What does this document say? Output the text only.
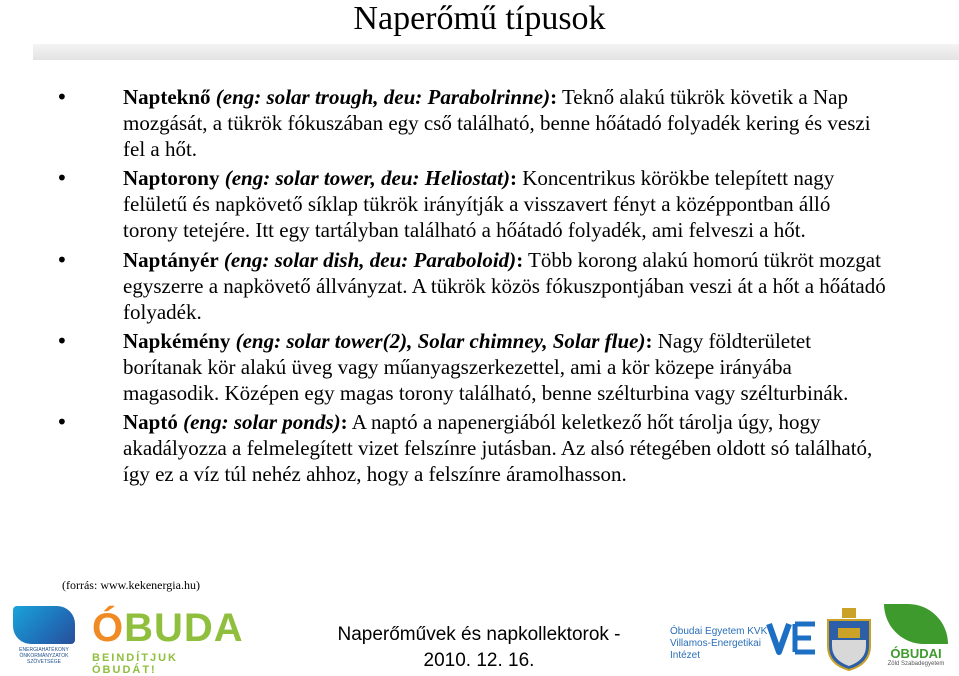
Naperőmű típusok
•	Napteknő (eng: solar trough, deu: Parabolrinne): Teknő alakú tükrök követik a Nap mozgását, a tükrök fókuszában egy cső található, benne hőátadó folyadék kering és veszi fel a hőt.
•	Naptorony (eng: solar tower, deu: Heliostat): Koncentrikus körökbe telepített nagy felületű és napkövető síklap tükrök irányítják a visszavert fényt a középpontban álló torony tetejére. Itt egy tartályban található a hőátadó folyadék, ami felveszi a hőt.
•	Naptányér (eng: solar dish, deu: Paraboloid): Több korong alakú homorú tükröt mozgat egyszerre a napkövető állványzat. A tükrök közös fókuszpontjában veszi át a hőt a hőátadó folyadék.
•	Napkémény (eng: solar tower(2), Solar chimney, Solar flue): Nagy földterületet borítanak kör alakú üveg vagy műanyagszerkezettel, ami a kör közepe irányába magasodik. Középen egy magas torony található, benne szélturbina vagy szélturbinák.
•	Naptó (eng: solar ponds): A naptó a napenergiából keletkező hőt tárolja úgy, hogy akadályozza a felmelegített vizet felszínre jutásban. Az alsó rétegében oldott só található, így ez a víz túl nehéz ahhoz, hogy a felszínre áramolhasson.
(forrás: www.kekenergia.hu)
ENERGIAHATÉKONY ÖNKORMÁNYZATOK SZÖVETSÉGE
ÓBUDA
BEINDÍTJUK ÓBUDÁT!
Naperőművek és napkollektorok -
2010. 12. 16.
Óbudai Egyetem KVK Villamos-Energetikai Intézet	ÓBUDAI
Zöld Szabadegyetem
